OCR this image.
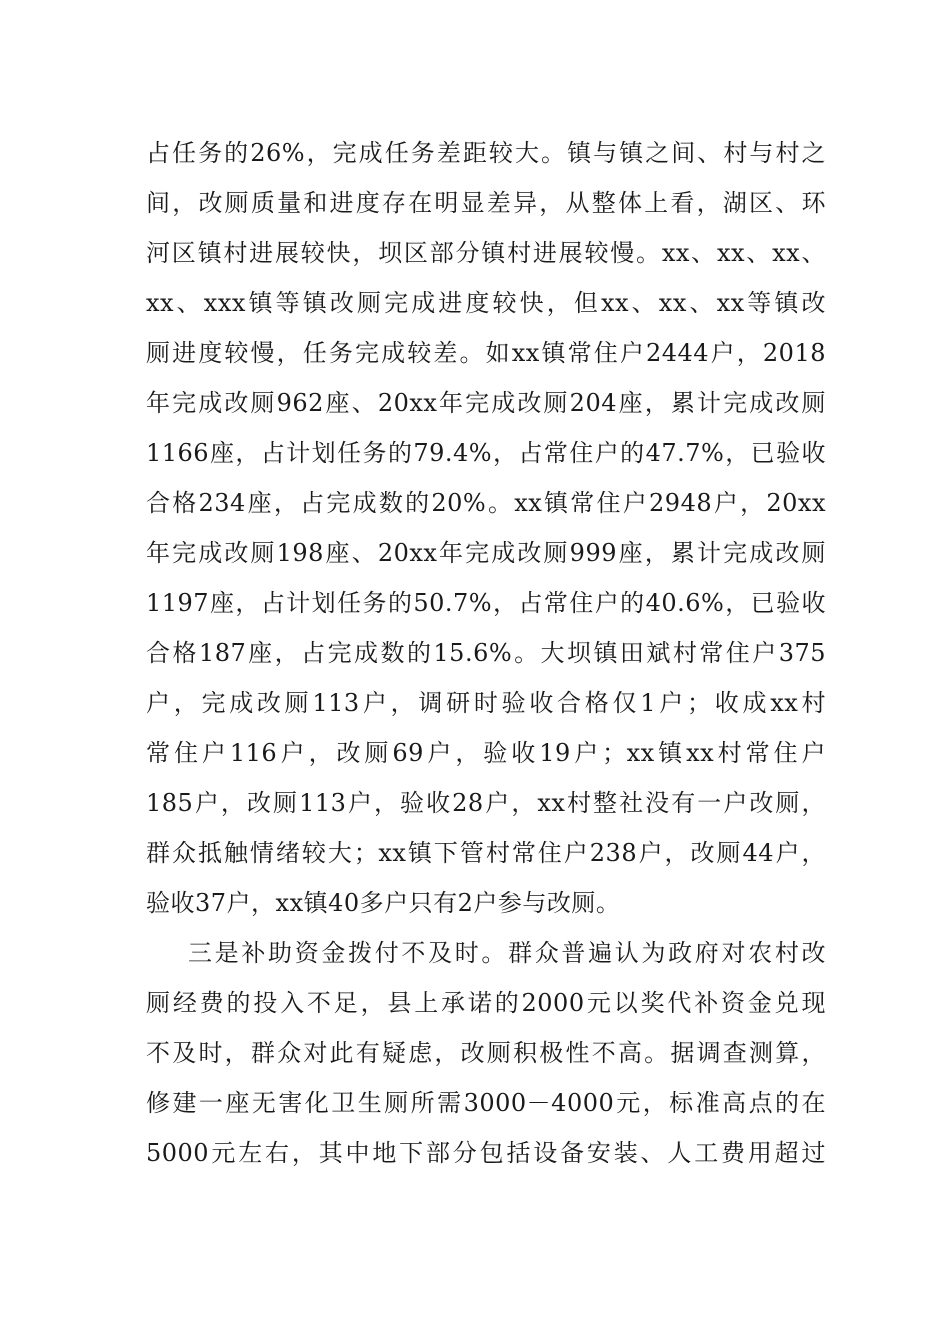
占任务的26%，完成任务差距较大。镇与镇之间、村与村之
间，改厕质量和进度存在明显差异，从整体上看，湖区、环
河区镇村进展较快，坝区部分镇村进展较慢。xx、xx、xx、
xx、xxx镇等镇改厕完成进度较快，但xx、xx、xx等镇改
厕进度较慢，任务完成较差。如xx镇常住户2444户，2018
年完成改厕962座、20xx年完成改厕204座，累计完成改厕
1166座，占计划任务的79.4%，占常住户的47.7%，已验收
合格234座，占完成数的20%。xx镇常住户2948户，20xx
年完成改厕198座、20xx年完成改厕999座，累计完成改厕
1197座，占计划任务的50.7%，占常住户的40.6%，已验收
合格187座，占完成数的15.6%。大坝镇田斌村常住户375
户，完成改厕113户，调研时验收合格仅1户；收成xx村
常住户116户，改厕69户，验收19户；xx镇xx村常住户
185户，改厕113户，验收28户，xx村整社没有一户改厕，
群众抵触情绪较大；xx镇下管村常住户238户，改厕44户，
验收37户，xx镇40多户只有2户参与改厕。
三是补助资金拨付不及时。群众普遍认为政府对农村改
厕经费的投入不足，县上承诺的2000元以奖代补资金兑现
不及时，群众对此有疑虑，改厕积极性不高。据调查测算，
修建一座无害化卫生厕所需3000－4000元，标准高点的在
5000元左右，其中地下部分包括设备安装、人工费用超过
